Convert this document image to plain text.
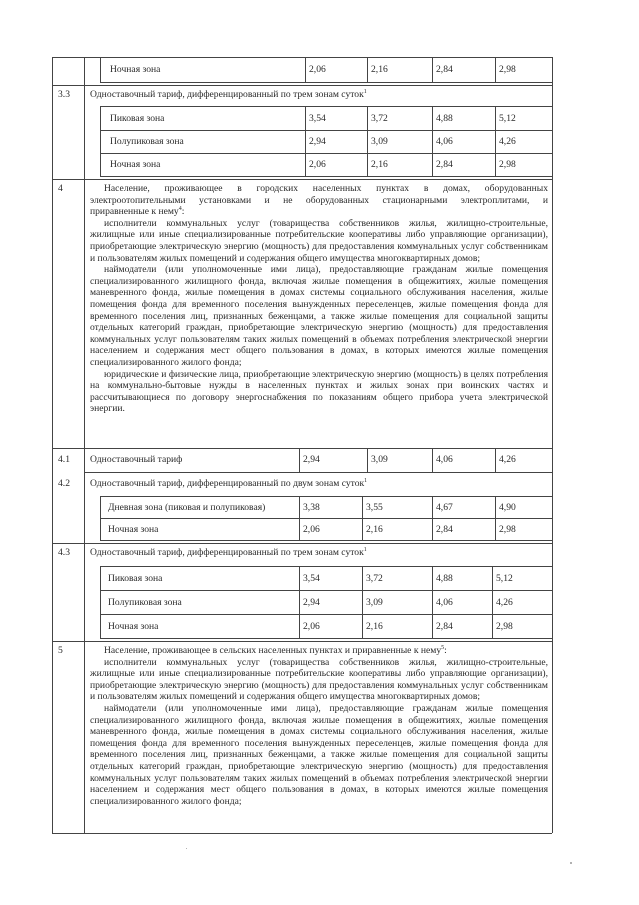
Ночная зона	2,06	2,16	2,84	2,98
3.3 Одноставочный тариф, дифференцированный по трем зонам суток$^1$
Пиковая зона	3,54	3,72	4,88	5,12
Полупиковая зона	2,94	3,09	4,06	4,26
Ночная зона	2,06	2,16	2,84	2,98
4	Население, проживающее в городских населенных пунктах в домах, оборудованных
электроотопительными установками и не оборудованных стационарными электроплитами, и
приравненные к нему$^4$:
исполнители коммунальных услуг (товарищества собственников жилья, жилищно-строительные, жилищные или иные специализированные потребительские кооперативы либо управляющие организации), приобретающие электрическую энергию (мощность) для предоставления коммунальных услуг собственникам и пользователям жилых помещений и содержания общего имущества многоквартирных домов;
наймодатели (или уполномоченные ими лица), предоставляющие гражданам жилые помещения специализированного жилищного фонда, включая жилые помещения в общежитиях, жилые помещения маневренного фонда, жилые помещения в домах системы социального обслуживания населения, жилые помещения фонда для временного поселения вынужденных переселенцев, жилые помещения фонда для временного поселения лиц, признанных беженцами, а также жилые помещения для социальной защиты отдельных категорий граждан, приобретающие электрическую энергию (мощность) для предоставления коммунальных услуг пользователям таких жилых помещений в объемах потребления электрической энергии населением и содержания мест общего пользования в домах, в которых имеются жилые помещения специализированного жилого фонда;
юридические и физические лица, приобретающие электрическую энергию (мощность) в целях потребления на коммунально-бытовые нужды в населенных пунктах и жилых зонах при воинских частях и рассчитывающиеся по договору энергоснабжения по показаниям общего прибора учета электрической энергии.
4.1 Одноставочный тариф	2,94	3,09	4,06	4,26
4.2 Одноставочный тариф, дифференцированный по двум зонам суток$^1$
Дневная зона (пиковая и полупиковая)	3,38	3,55	4,67	4,90
Ночная зона	2,06	2,16	2,84	2,98
4.3 Одноставочный тариф, дифференцированный по трем зонам суток$^1$
Пиковая зона	3,54	3,72	4,88	5,12
Полупиковая зона	2,94	3,09	4,06	4,26
Ночная зона	2,06	2,16	2,84	2,98
5	Население, проживающее в сельских населенных пунктах и приравненные к нему$^5$:
исполнители коммунальных услуг (товарищества собственников жилья, жилищно-строительные, жилищные или иные специализированные потребительские кооперативы либо управляющие организации), приобретающие электрическую энергию (мощность) для предоставления коммунальных услуг собственникам и пользователям жилых помещений и содержания общего имущества многоквартирных домов;
наймодатели (или уполномоченные ими лица), предоставляющие гражданам жилые помещения специализированного жилищного фонда, включая жилые помещения в общежитиях, жилые помещения маневренного фонда, жилые помещения в домах системы социального обслуживания населения, жилые помещения фонда для временного поселения вынужденных переселенцев, жилые помещения фонда для временного поселения лиц, признанных беженцами, а также жилые помещения для социальной защиты отдельных категорий граждан, приобретающие электрическую энергию (мощность) для предоставления коммунальных услуг пользователям таких жилых помещений в объемах потребления электрической энергии населением и содержания мест общего пользования в домах, в которых имеются жилые помещения специализированного жилого фонда;
